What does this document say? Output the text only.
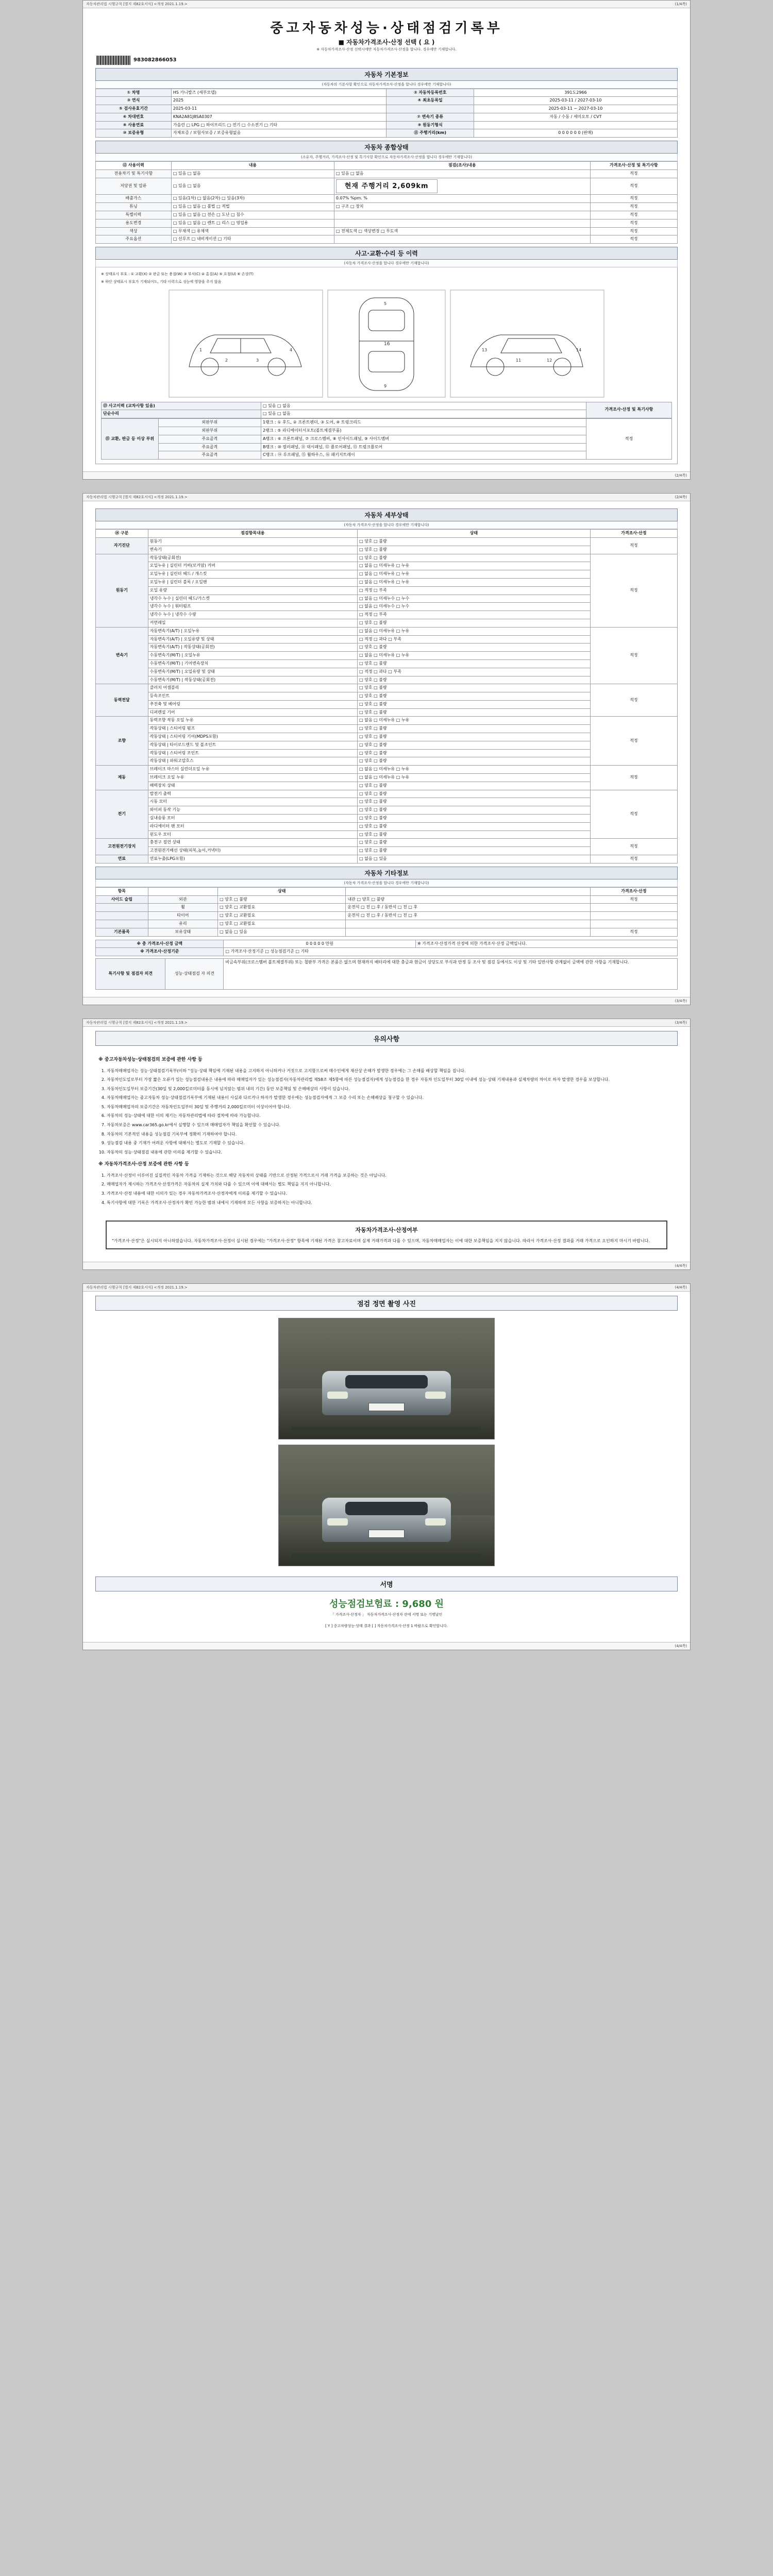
자동차관리법 시행규칙 [별지 제82호서식] <개정 2021.1.19.>	(1/4쪽)
중고자동차성능·상태점검기록부
■ 자동차가격조사·산정 선택 ( 요 )
※ 자동차가격조사·산정 선택시에만 자동차가격조사·산정을 합니다. 경우에만 기재합니다.
983082866053
자동차 기본정보
(자동차의 기본사항 확인으로 자동차가격조사·산정을 합니다 경우에만 기재합니다)
① 차명	HS 카니발즈 (세부모델)	② 자동차등록번호	391도2966
③ 연식	2025	④ 최초등록일	2025-03-11 / 2027-03-10
⑤ 검사유효기간	2025-03-11		2025-03-11 ~ 2027-03-10
⑥ 차대번호	KNA2A81J8SA0307	⑦ 변속기 종류	자동 / 수동 / 세미오토 / CVT
⑧ 사용연료	가솔린 □ LPG □ 하이브리드 □ 전기 □ 수소전기 □ 기타	⑨ 원동기형식	
⑩ 보증유형	자체보증 / 보험사보증 / 보증유형없음	⑪ 주행거리(km)	0 0 0 0 0 0 (판매)
자동차 종합상태
(소유자, 주행거리, 가격조사·산정 및 특기사항 확인으로 자동차가격조사·산정을 합니다 경우에만 기재합니다)
⑫ 사용이력	내용	점검(조사)내용	가격조사·산정 및 특기사항
전용차기 및 특기사항	□ 있음 □ 없음	□ 있음 □ 없음	적정
저당권 및 압류	□ 있음 □ 없음	현재 주행거리 2,609km	적정
배출가스	□ 있음(1차) □ 없음(2차) □ 있음(3차)	0.07% %pm. %	적정
튜닝	□ 있음 □ 없음 □ 불법 □ 적법	□ 구조 □ 장치	적정
특별이력	□ 있음 □ 없음 □ 전손 □ 도난 □ 침수		적정
용도변경	□ 있음 □ 없음 □ 렌트 □ 리스 □ 영업용		적정
색상	□ 무채색 □ 유채색	□ 전체도색 □ 색상변경 □ 무도색	적정
주요옵션	□ 선루프 □ 내비게이션 □ 기타		적정
사고·교환·수리 등 이력
(자동차 가격조사·산정을 합니다 경우에만 기재합니다)
※ 상태표시 부호 : ① 교환(X) ② 판금 또는 용접(W) ③ 부식(C) ④ 흠집(A) ⑤ 요철(U) ⑥ 손상(T)
※ 하단 상태표시 부호가 기재되어도, 기타 이력으로 성능에 영향을 주지 않음
1
2	3
4
5
16
9
13
11	12
14
⑬ 사고이력 (교차사항 있음)	□ 있음 □ 없음	가격조사·산정 및 특기사항
단순수리	□ 있음 □ 없음	
⑮ 교환, 판금 등 이상 부위	외판부위	1랭크 : ① 후드, ② 프론트펜더, ③ 도어, ④ 트렁크리드	적정
	외판부위	2랭크 : ⑤ 라디에이터서포트(볼트체결부품)	
	주요골격	A랭크 : ⑥ 프론트패널, ⑦ 크로스멤버, ⑧ 인사이드패널, ⑨ 사이드멤버	
	주요골격	B랭크 : ⑩ 필러패널, ⑪ 대시패널, ⑫ 플로어패널, ⑬ 트렁크플로어	
	주요골격	C랭크 : ⑭ 루프패널, ⑮ 휠하우스, ⑯ 패키지트레이	
(2/4쪽)
자동차관리법 시행규칙 [별지 제82호서식] <개정 2021.1.19.>	(2/4쪽)
자동차 세부상태
(자동차 가격조사·산정을 합니다 경우에만 기재합니다)
⑭ 구분	점검항목내용	상태	가격조사·산정
자기진단	원동기	□ 양호 □ 불량	적정
	변속기	□ 양호 □ 불량	
원동기	작동상태(공회전)	□ 양호 □ 불량	적정
	오일누유 | 실린더 커버(로커암) 커버	□ 없음 □ 미세누유 □ 누유	
	오일누유 | 실린더 헤드 / 개스킷	□ 없음 □ 미세누유 □ 누유	
	오일누유 | 실린더 블록 / 오일팬	□ 없음 □ 미세누유 □ 누유	
	오일 유량	□ 적정 □ 부족	
	냉각수 누수 | 실린더 헤드/가스켓	□ 없음 □ 미세누수 □ 누수	
	냉각수 누수 | 워터펌프	□ 없음 □ 미세누수 □ 누수	
	냉각수 누수 | 냉각수 수량	□ 적정 □ 부족	
	커먼레일	□ 양호 □ 불량	
변속기	자동변속기(A/T) | 오일누유	□ 없음 □ 미세누유 □ 누유	적정
	자동변속기(A/T) | 오일유량 및 상태	□ 적정 □ 과다 □ 부족	
	자동변속기(A/T) | 작동상태(공회전)	□ 양호 □ 불량	
	수동변속기(M/T) | 오일누유	□ 없음 □ 미세누유 □ 누유	
	수동변속기(M/T) | 기어변속장치	□ 양호 □ 불량	
	수동변속기(M/T) | 오일유량 및 상태	□ 적정 □ 과다 □ 부족	
	수동변속기(M/T) | 작동상태(공회전)	□ 양호 □ 불량	
동력전달	클러치 어셈블리	□ 양호 □ 불량	적정
	등속조인트	□ 양호 □ 불량	
	추진축 및 베어링	□ 양호 □ 불량	
	디퍼렌셜 기어	□ 양호 □ 불량	
조향	동력조향 작동 오일 누유	□ 없음 □ 미세누유 □ 누유	적정
	작동상태 | 스티어링 펌프	□ 양호 □ 불량	
	작동상태 | 스티어링 기어(MDPS포함)	□ 양호 □ 불량	
	작동상태 | 타이로드엔드 및 볼조인트	□ 양호 □ 불량	
	작동상태 | 스티어링 조인트	□ 양호 □ 불량	
	작동상태 | 파워고압호스	□ 양호 □ 불량	
제동	브레이크 마스터 실린더오일 누유	□ 없음 □ 미세누유 □ 누유	적정
	브레이크 오일 누유	□ 없음 □ 미세누유 □ 누유	
	배력장치 상태	□ 양호 □ 불량	
전기	발전기 출력	□ 양호 □ 불량	적정
	시동 모터	□ 양호 □ 불량	
	와이퍼 동작 기능	□ 양호 □ 불량	
	실내송풍 모터	□ 양호 □ 불량	
	라디에이터 팬 모터	□ 양호 □ 불량	
	윈도우 모터	□ 양호 □ 불량	
고전원전기장치	충전구 절연 상태	□ 양호 □ 불량	적정
	고전원전기배선 상태(피복,높이,커넥터)	□ 양호 □ 불량	
연료	연료누출(LPG포함)	□ 없음 □ 있음	적정
자동차 기타정보
(자동차 가격조사·산정을 합니다 경우에만 기재합니다)
항목		상태		가격조사·산정
사이드 슬립	외관	□ 양호 □ 불량	내관 □ 양호 □ 불량	적정
	휠	□ 양호 □ 교환필요	운전석 □ 전 □ 후 / 동반석 □ 전 □ 후	
	타이어	□ 양호 □ 교환필요	운전석 □ 전 □ 후 / 동반석 □ 전 □ 후	
	유리	□ 양호 □ 교환필요		
기본품목	보유상태	□ 없음 □ 있음		적정
※ 총 가격조사·산정 금액	0 0 0 0 0 만원	※ 가격조사·산정가격 산정에 의한 가격조사·산정 금액입니다.
※ 가격조사·산정기준	□ 가격조사·산정기준 □ 성능점검기준 □ 기타	
특기사항 및 점검자 의견	성능·상태점검 자 의견	비금속부위(크로스멤버 볼트체결부위) 또는 철판부 가격은 본품은 없으며 현재까지 배터리에 대한 충금과 현금이 상당도로 부식과 안정 등 조사 및 점검 등에서도 이상 및 기타 일반사항 관계없이 금액에 관한 사항을 기재합니다.
(3/4쪽)
자동차관리법 시행규칙 [별지 제82호서식] <개정 2021.1.19.>	(3/4쪽)
유의사항
※ 중고자동차성능·상태점검의 보증에 관한 사항 등
1. 자동차매매업자는 성능·상태점검기록부(이하 "성능·상태 책임에 기재된 내용을 고지하지 아니하거나 거짓으로 고지함으로써 매수인에게 재산상 손해가 발생한 경우에는 그 손해를 배상할 책임을 집니다.
2. 자동차인도일로부터 가장 짧은 오류가 있는 성능점검내용은 내용에 따라 매매업자가 있는 성능점검자(자동차관리법 제58조 제5항에 따른 성능점검자)에게 성능점검을 한 경우 자동차 인도일부터 30일 이내에 성능·상태 기재내용과 실제차량의 차이로 하자 발생한 경우를 보상합니다.
3. 자동차인도일부터 보증기간(30일 및 2,000킬로미터를 동시에 넘지않는 범위 내의 기간) 동안 보증책임 및 손해배상의 사항이 있습니다.
4. 자동차매매업자는 중고자동차 성능·상태점검기록부에 기재된 내용이 사실과 다르거나 하자가 발생한 경우에는 성능점검자에게 그 보증 수리 또는 손해배상을 청구할 수 있습니다.
5. 자동차매매업자의 보증기간은 자동차인도일부터 30일 및 주행거리 2,000킬로미터 이상이어야 합니다.
6. 자동차의 성능·상태에 대한 이의 제기는 자동차관리법에 따라 절차에 따라 가능합니다.
7. 자동차보증은 www.car365.go.kr에서 실행할 수 있으며 매매업자가 책임을 확인할 수 있습니다.
8. 자동차의 기본적인 내용을 성능점검 기록부에 정확히 기재하여야 합니다.
9. 성능점검 내용 중 기재가 어려운 사항에 대해서는 별도로 기재할 수 있습니다.
10. 자동차의 성능·상태점검 내용에 관한 이의를 제기할 수 있습니다.
※ 자동차가격조사·산정 보증에 관한 사항 등
1. 가격조사·산정이 이루어진 실질적인 자동차 가격을 기재하는 것으로 해당 자동차의 상태를 기반으로 산정된 가격으로서 거래 가격을 보증하는 것은 아닙니다.
2. 매매업자가 제시하는 가격조사·산정가격은 자동차의 실제 가치와 다를 수 있으며 이에 대해서는 별도 책임을 지지 아니합니다.
3. 가격조사·산정 내용에 대한 이의가 있는 경우 자동차가격조사·산정자에게 이의를 제기할 수 있습니다.
4. 특기사항에 대한 기록은 가격조사·산정자가 확인 가능한 범위 내에서 기재하며 모든 사항을 보증하지는 아니합니다.
자동차가격조사·산정여부
"가격조사·산정"은 실시되지 아니하였습니다. 자동차가격조사·산정이 실시된 경우에는 "가격조사·산정" 항목에 기재된 가격은 참고자료이며 실제 거래가격과 다를 수 있으며, 자동차매매업자는 이에 대한 보증책임을 지지 않습니다. 따라서 가격조사·산정 결과를 거래 가격으로 오인하지 마시기 바랍니다.
(4/4쪽)
자동차관리법 시행규칙 [별지 제82호서식] <개정 2021.1.19.>	(4/4쪽)
점검 정면 촬영 사진
서명
성능점검보험료 : 9,680 원
「 가격조사·산정자 」 자동차가격조사·산정자 란에 서명 또는 기명날인
[ Y ] 중고차량성능·상태 결과 [ ] 자동차가격조사·산정 1 바랍으로 확인합니다.
(4/4쪽)
